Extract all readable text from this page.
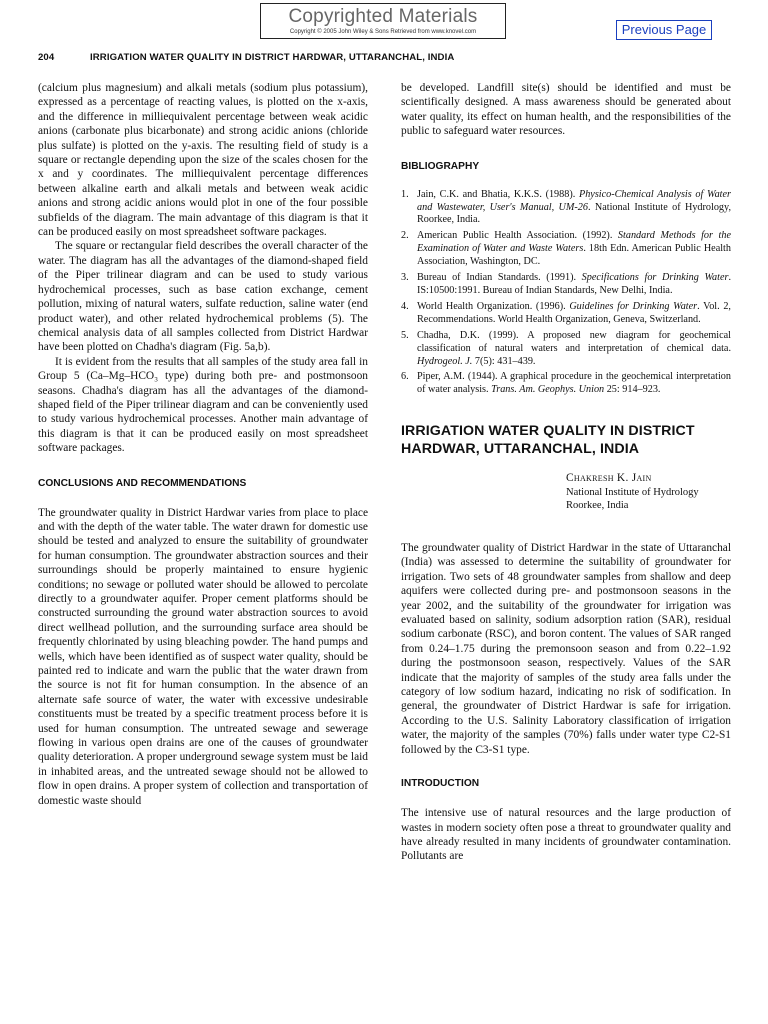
Copyrighted Materials
Copyright © 2005 John Wiley & Sons Retrieved from www.knovel.com	Previous Page
204	IRRIGATION WATER QUALITY IN DISTRICT HARDWAR, UTTARANCHAL, INDIA

(calcium plus magnesium) and alkali metals (sodium plus potassium), expressed as a percentage of reacting values, is plotted on the x-axis, and the difference in milliequivalent percentage between weak acidic anions (carbonate plus bicarbonate) and strong acidic anions (chloride plus sulfate) is plotted on the y-axis. The resulting field of study is a square or rectangle depending upon the size of the scales chosen for the x and y coordinates. The milliequivalent percentage differences between alkaline earth and alkali metals and between weak acidic anions and strong acidic anions would plot in one of the four possible subfields of the diagram. The main advantage of this diagram is that it can be produced easily on most spreadsheet software packages.

The square or rectangular field describes the overall character of the water. The diagram has all the advantages of the diamond-shaped field of the Piper trilinear diagram and can be used to study various hydrochemical processes, such as base cation exchange, cement pollution, mixing of natural waters, sulfate reduction, saline water (end product water), and other related hydrochemical problems (5). The chemical analysis data of all samples collected from District Hardwar have been plotted on Chadha's diagram (Fig. 5a,b).

It is evident from the results that all samples of the study area fall in Group 5 (Ca–Mg–HCO₃ type) during both pre- and postmonsoon seasons. Chadha's diagram has all the advantages of the diamond-shaped field of the Piper trilinear diagram and can be conveniently used to study various hydrochemical processes. Another main advantage of this diagram is that it can be produced easily on most spreadsheet software packages.

CONCLUSIONS AND RECOMMENDATIONS

The groundwater quality in District Hardwar varies from place to place and with the depth of the water table. The water drawn for domestic use should be tested and analyzed to ensure the suitability of groundwater for human consumption. The groundwater abstraction sources and their surroundings should be properly maintained to ensure hygienic conditions; no sewage or polluted water should be allowed to percolate directly to a groundwater aquifer. Proper cement platforms should be constructed surrounding the ground water abstraction sources to avoid direct wellhead pollution, and the surrounding surface area should be frequently chlorinated by using bleaching powder. The hand pumps and wells, which have been identified as of suspect water quality, should be painted red to indicate and warn the public that the water drawn from the source is not fit for human consumption. In the absence of an alternate safe source of water, the water with excessive undesirable constituents must be treated by a specific treatment process before it is used for human consumption. The untreated sewage and sewerage flowing in various open drains are one of the causes of groundwater quality deterioration. A proper underground sewage system must be laid in inhabited areas, and the untreated sewage should not be allowed to flow in open drains. A proper system of collection and transportation of domestic waste should

be developed. Landfill site(s) should be identified and must be scientifically designed. A mass awareness should be generated about water quality, its effect on human health, and the responsibilities of the public to safeguard water resources.

BIBLIOGRAPHY
1. Jain, C.K. and Bhatia, K.K.S. (1988). Physico-Chemical Analysis of Water and Wastewater, User's Manual, UM-26. National Institute of Hydrology, Roorkee, India.
2. American Public Health Association. (1992). Standard Methods for the Examination of Water and Waste Waters. 18th Edn. American Public Health Association, Washington, DC.
3. Bureau of Indian Standards. (1991). Specifications for Drinking Water. IS:10500:1991. Bureau of Indian Standards, New Delhi, India.
4. World Health Organization. (1996). Guidelines for Drinking Water. Vol. 2, Recommendations. World Health Organization, Geneva, Switzerland.
5. Chadha, D.K. (1999). A proposed new diagram for geochemical classification of natural waters and interpretation of chemical data. Hydrogeol. J. 7(5): 431–439.
6. Piper, A.M. (1944). A graphical procedure in the geochemical interpretation of water analysis. Trans. Am. Geophys. Union 25: 914–923.
IRRIGATION WATER QUALITY IN DISTRICT HARDWAR, UTTARANCHAL, INDIA
Chakresh K. Jain
National Institute of Hydrology
Roorkee, India

The groundwater quality of District Hardwar in the state of Uttaranchal (India) was assessed to determine the suitability of groundwater for irrigation. Two sets of 48 groundwater samples from shallow and deep aquifers were collected during pre- and postmonsoon seasons in the year 2002, and the suitability of the groundwater for irrigation was evaluated based on salinity, sodium adsorption ration (SAR), residual sodium carbonate (RSC), and boron content. The values of SAR ranged from 0.24–1.75 during the premonsoon season and from 0.22–1.92 during the postmonsoon season, respectively. Values of the SAR indicate that the majority of samples of the study area falls under the category of low sodium hazard, indicating no risk of sodification. In general, the groundwater of District Hardwar is safe for irrigation. According to the U.S. Salinity Laboratory classification of irrigation water, the majority of the samples (70%) falls under water type C2-S1 followed by the C3-S1 type.

INTRODUCTION

The intensive use of natural resources and the large production of wastes in modern society often pose a threat to groundwater quality and have already resulted in many incidents of groundwater contamination. Pollutants are
